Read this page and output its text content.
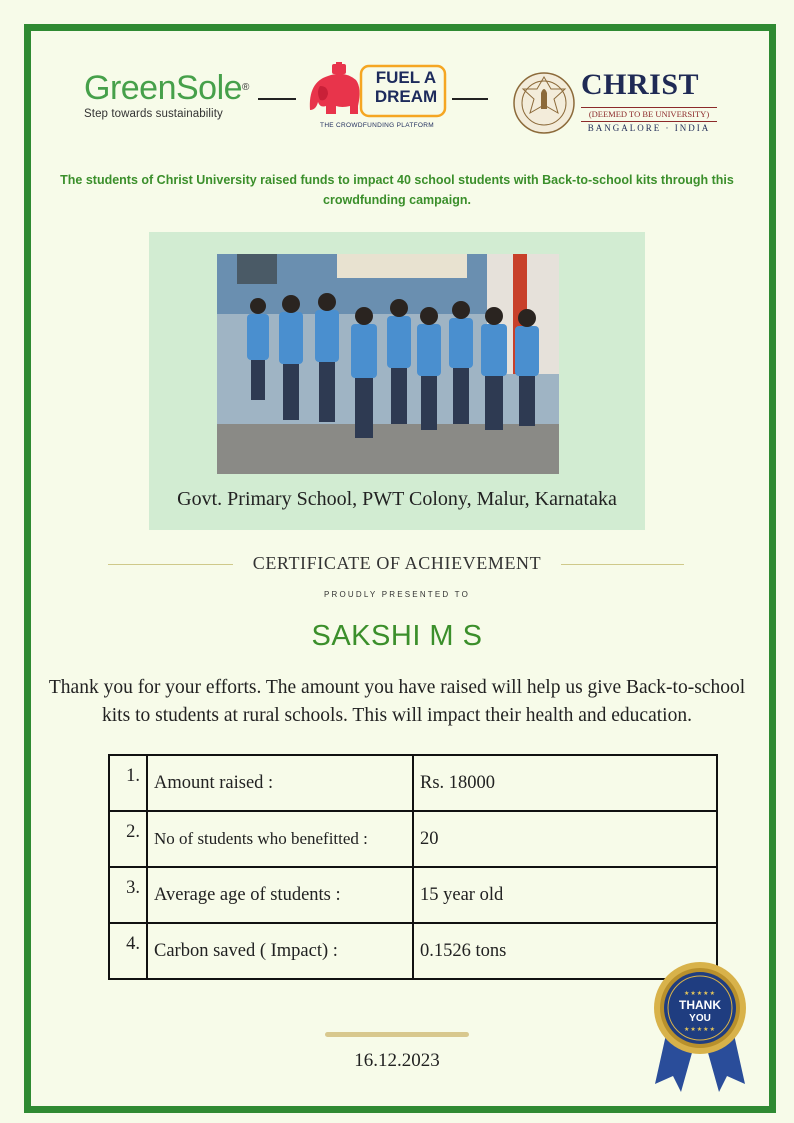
GreenSole®
Step towards sustainability
FUEL A
DREAM
THE CROWDFUNDING PLATFORM
CHRIST
(DEEMED TO BE UNIVERSITY)
BANGALORE · INDIA
The students of Christ University raised funds to impact 40 school students with Back-to-school kits through this crowdfunding campaign.
Govt. Primary School, PWT Colony, Malur, Karnataka
CERTIFICATE OF ACHIEVEMENT
PROUDLY PRESENTED TO
SAKSHI M S
Thank you for your efforts. The amount you have raised will help us give Back-to-school kits to students at rural schools. This will impact their health and education.
1.	Amount raised :	Rs. 18000
2.	No of students who benefitted :	20
3.	Average age of students :	15 year old
4.	Carbon saved ( Impact) :	0.1526 tons
16.12.2023
★★★★★
THANK
YOU
★★★★★
